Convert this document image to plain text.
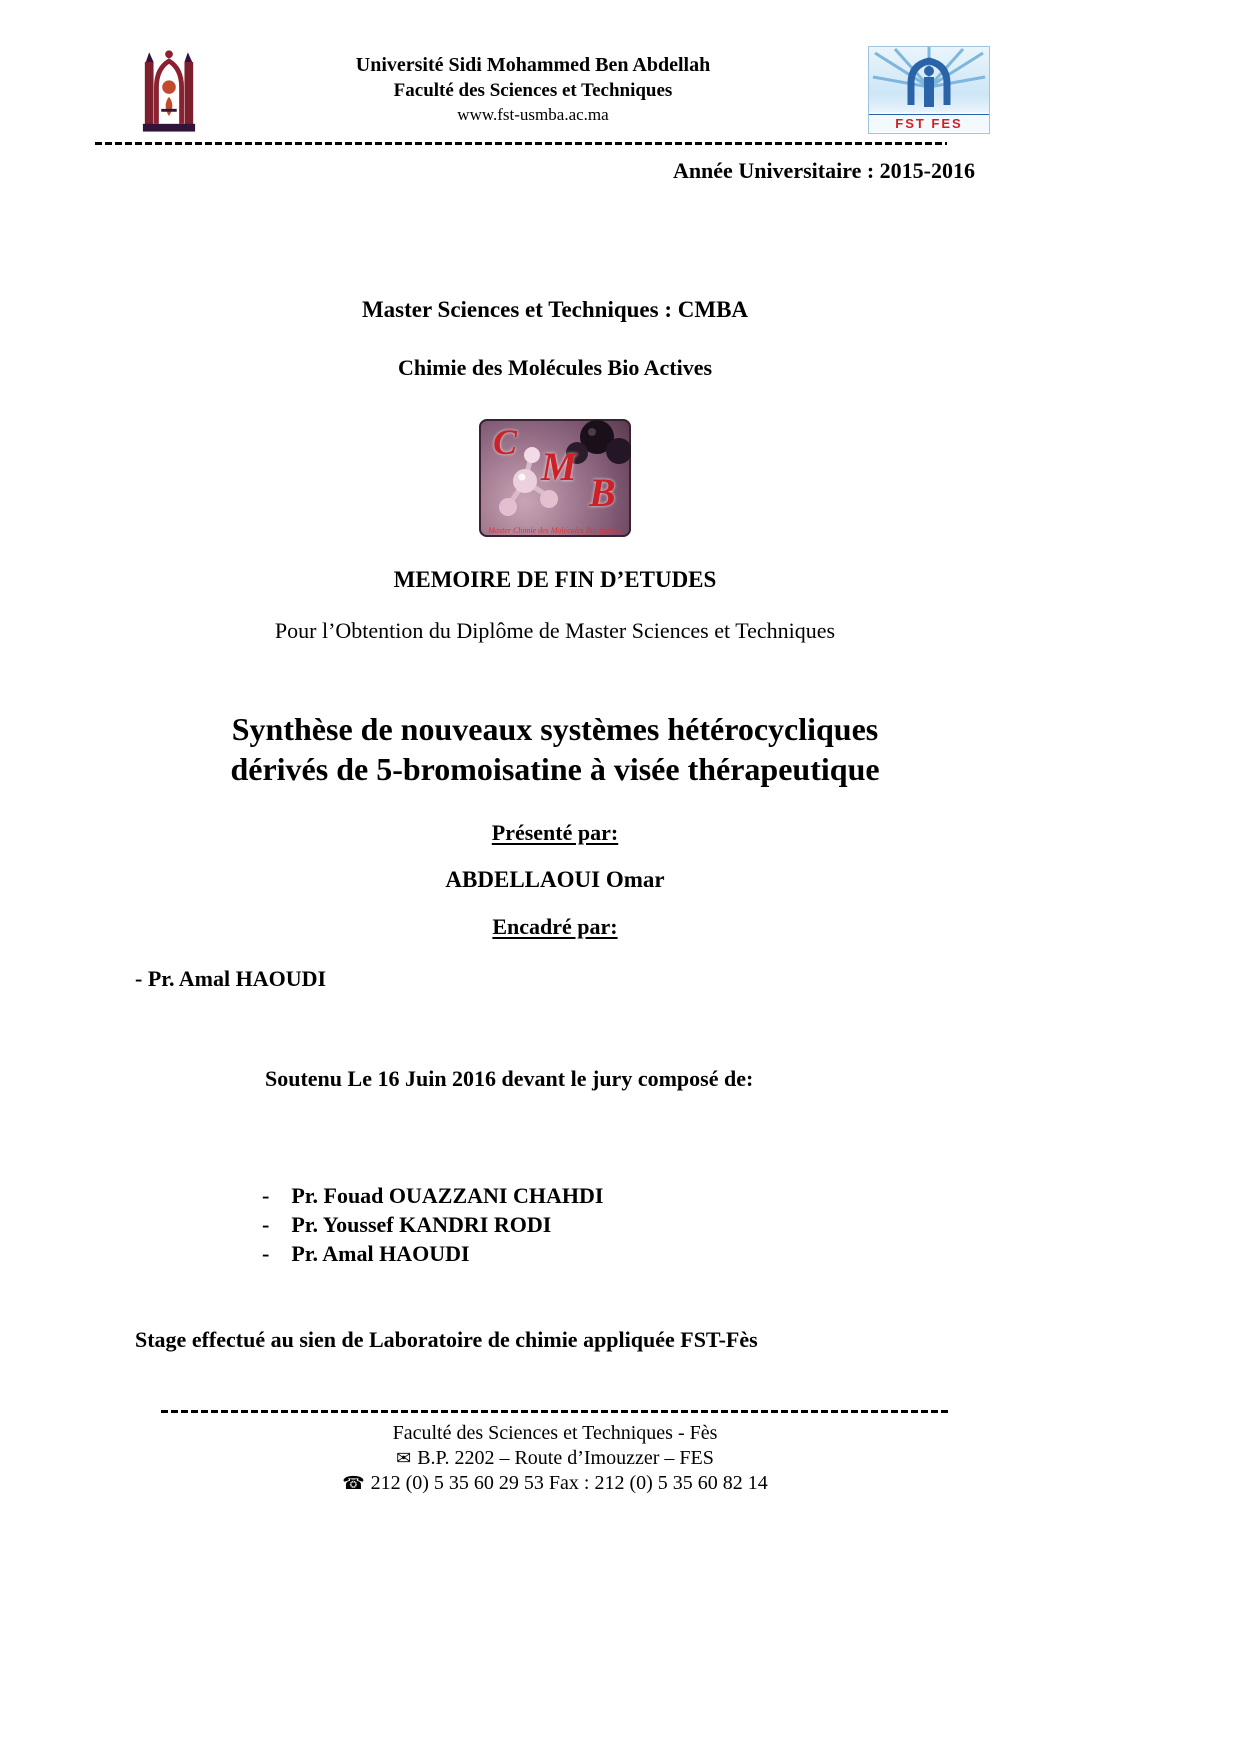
Université Sidi Mohammed Ben Abdellah
Faculté des Sciences et Techniques
www.fst-usmba.ac.ma	FST FES
Année Universitaire : 2015-2016
Master Sciences et Techniques : CMBA
Chimie des Molécules Bio Actives
C
M
B
Master Chimie des Molécules Bio Actives
MEMOIRE DE FIN D’ETUDES
Pour l’Obtention du Diplôme de Master Sciences et Techniques
Synthèse de nouveaux systèmes hétérocycliques
dérivés de 5-bromoisatine à visée thérapeutique
Présenté par:
ABDELLAOUI Omar
Encadré par:
- Pr. Amal HAOUDI
Soutenu Le 16 Juin 2016 devant le jury composé de:
- Pr. Fouad OUAZZANI CHAHDI
- Pr. Youssef KANDRI RODI
- Pr. Amal HAOUDI
Stage effectué au sien de Laboratoire de chimie appliquée FST-Fès
Faculté des Sciences et Techniques - Fès
✉ B.P. 2202 – Route d’Imouzzer – FES
☎ 212 (0) 5 35 60 29 53 Fax : 212 (0) 5 35 60 82 14
